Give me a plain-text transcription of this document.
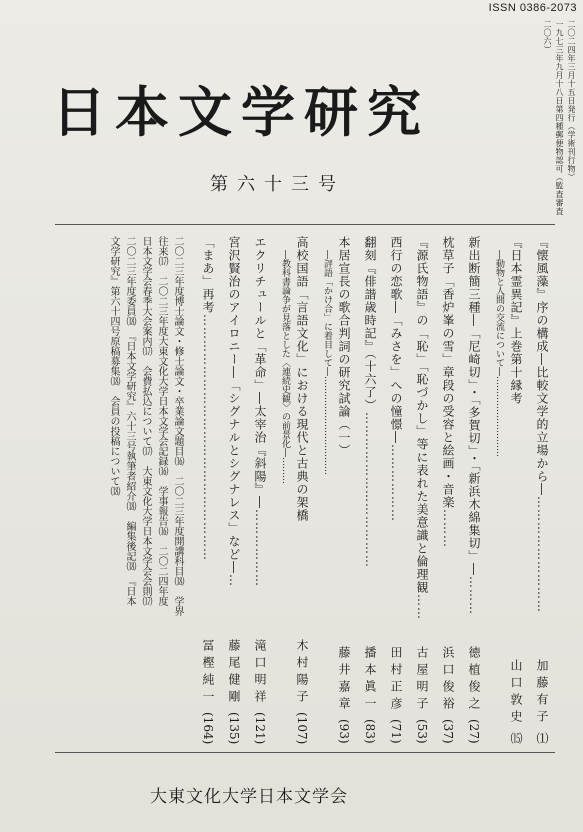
ISSN 0386-2073
二〇二四年三月十五日発行（学術刊行物）
一九七三年九月十八日第四種郵便物認可（監査審査二〇六）
日本文学研究
第六十三号
『懐風藻』序の構成―比較文学的立場から―………………………
加藤有子
⑴
『日本霊異記』上巻第十縁考
山口敦史
⒂
―動物と人間の交流について―………………………
新出断簡三種―「尼崎切」・「多賀切」・「新浜木綿集切」―………
徳植俊之
(27)
枕草子「香炉峯の雪」章段の受容と絵画・音楽………
浜口俊裕
(37)
『源氏物語』の「恥」「恥づかし」等に表れた美意識と倫理観……
古屋明子
(53)
西行の恋歌―「みさを」への憧憬―………………
田村正彦
(71)
翻刻『俳諧歳時記』（十六了）………………………………
播本眞一
(83)
本居宣長の歌合判詞の研究試論（一）
藤井嘉章
(93)
―評語「かけ合」に着目して―……………………………
高校国語「言語文化」における現代と古典の架橋
木村陽子
(107)
―教科書論争が見落とした〈連続史観〉の前景化―………
エクリチュールと「革命」―太宰治『斜陽』―………………
滝口明祥
(121)
宮沢賢治のアイロニー―「シグナルとシグナレス」など―…
藤尾健剛
(135)
「まあ」再考…………………………………………………
冨樫純一
(164)
二〇二三年度博士論文・修士論文・卒業論文題目⒃　二〇二三年度開講科目⒅　学界
往来⒄　二〇二三年度大東文化大学日本文学会記録⒃　学事報告⒃　二〇二四年度
日本文学会春季大会案内⒄　会費払込について⒄　大東文化大学日本文学会会則⒄
二〇二三年度委員⒅　『日本文学研究』六十三号執筆者紹介⒅　編集後記⒅　『日本
文学研究』第六十四号原稿募集⒅　会員の投稿について⒅
大東文化大学日本文学会
